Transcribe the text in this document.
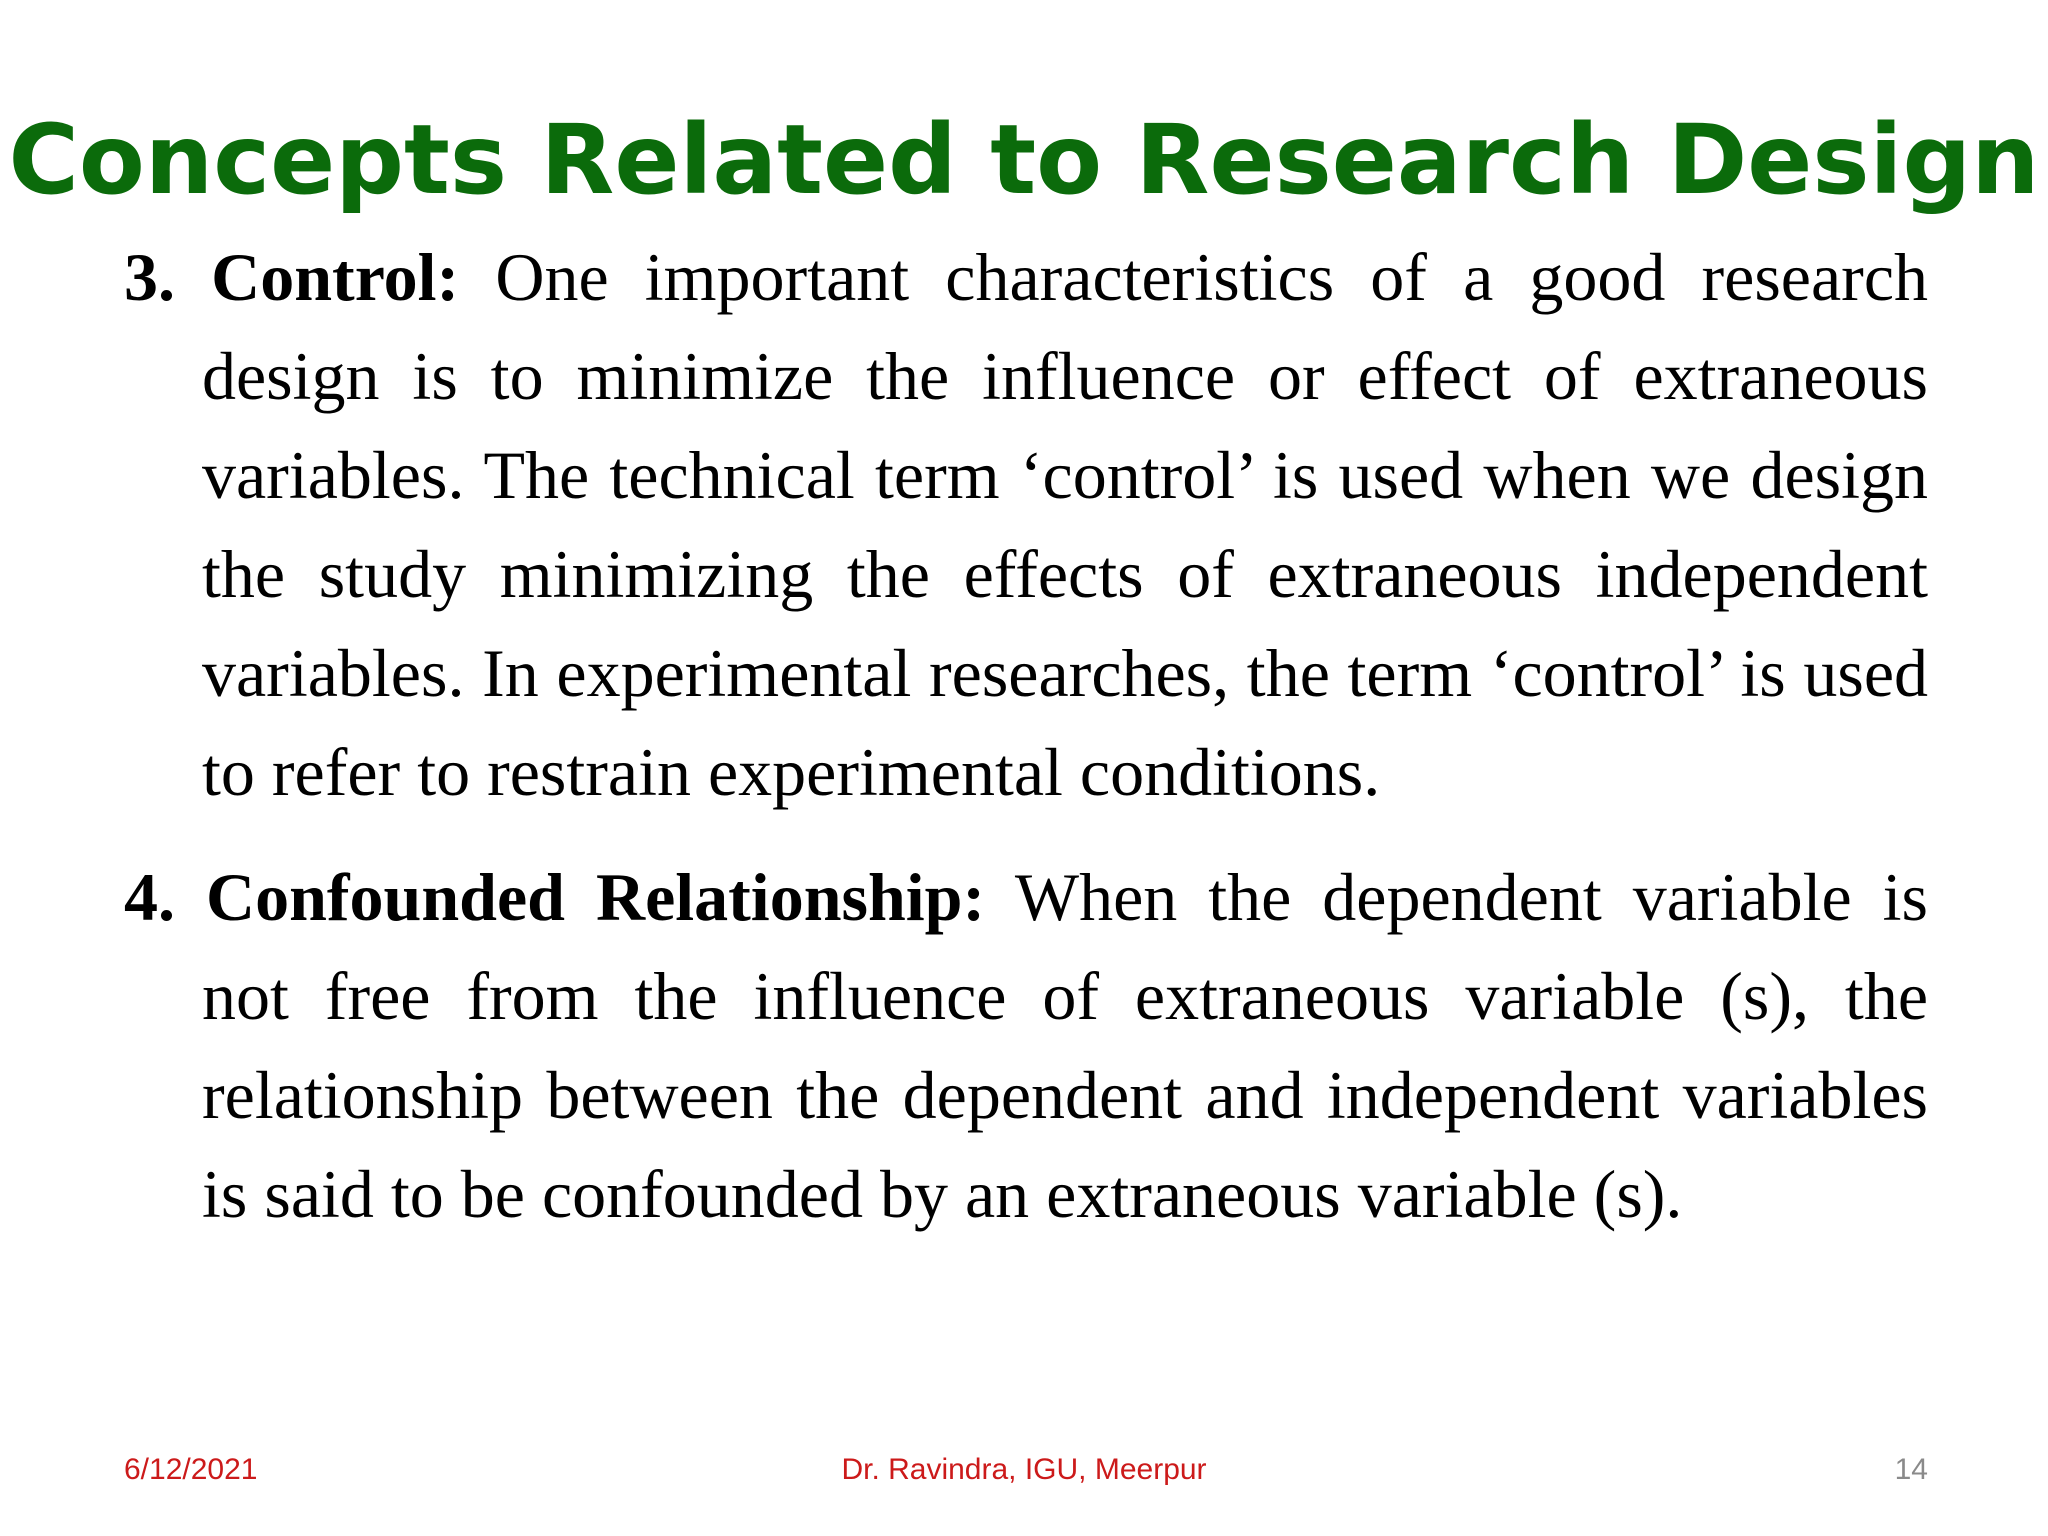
Concepts Related to Research Design

3. Control: One important characteristics of a good research design is to minimize the influence or effect of extraneous variables. The technical term ‘control’ is used when we design the study minimizing the effects of extraneous independent variables. In experimental researches, the term ‘control’ is used to refer to restrain experimental conditions.

4. Confounded Relationship: When the dependent variable is not free from the influence of extraneous variable (s), the relationship between the dependent and independent variables is said to be confounded by an extraneous variable (s).

6/12/2021	Dr. Ravindra, IGU, Meerpur	14
